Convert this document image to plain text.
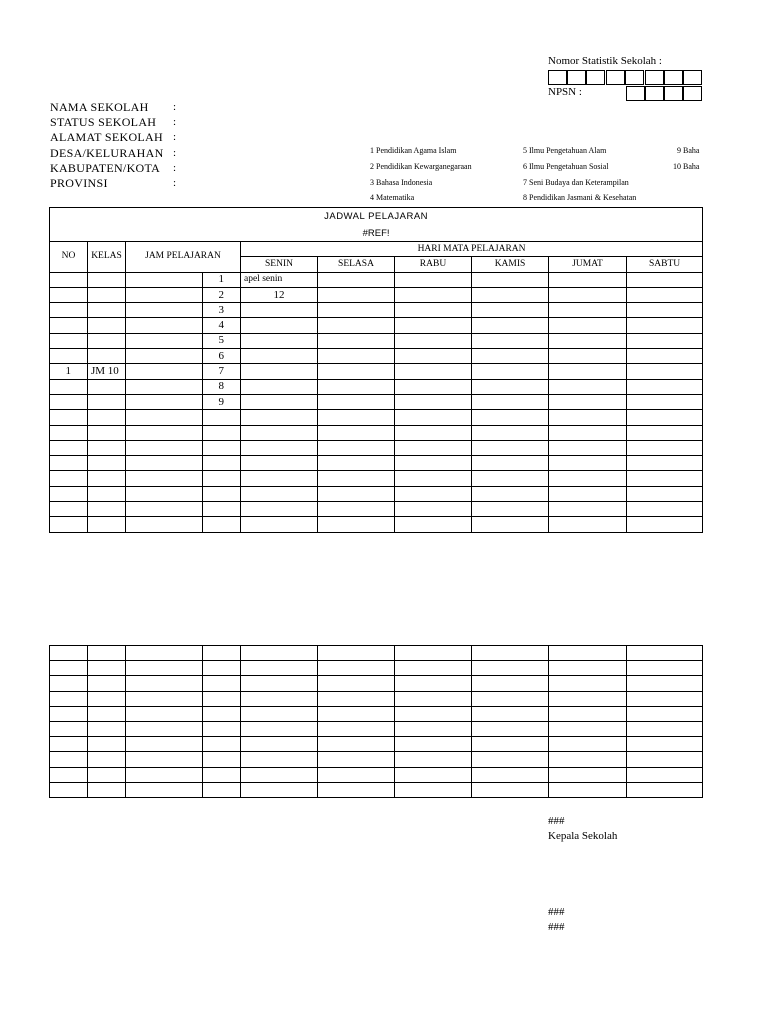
Nomor Statistik Sekolah :
NPSN :
NAMA SEKOLAH :
STATUS SEKOLAH :
ALAMAT SEKOLAH :
DESA/KELURAHAN :
KABUPATEN/KOTA :
PROVINSI	:
1 Pendidikan Agama Islam
2 Pendidikan Kewarganegaraan
3 Bahasa Indonesia
4 Matematika
5 Ilmu Pengetahuan Alam
6 Ilmu Pengetahuan Sosial
7 Seni Budaya dan Keterampilan
8 Pendidikan Jasmani & Kesehatan
9 Baha
10 Baha
JADWAL PELAJARAN									
#REF!									
NO	KELAS	JAM PELAJARAN		HARI MATA PELAJARAN					
				SENIN	SELASA	RABU	KAMIS	JUMAT	SABTU
			1	apel senin					
			2	12					
			3						
			4						
			5						
			6						
1	JM 10		7						
			8						
			9						

###
Kepala Sekolah
###
###
